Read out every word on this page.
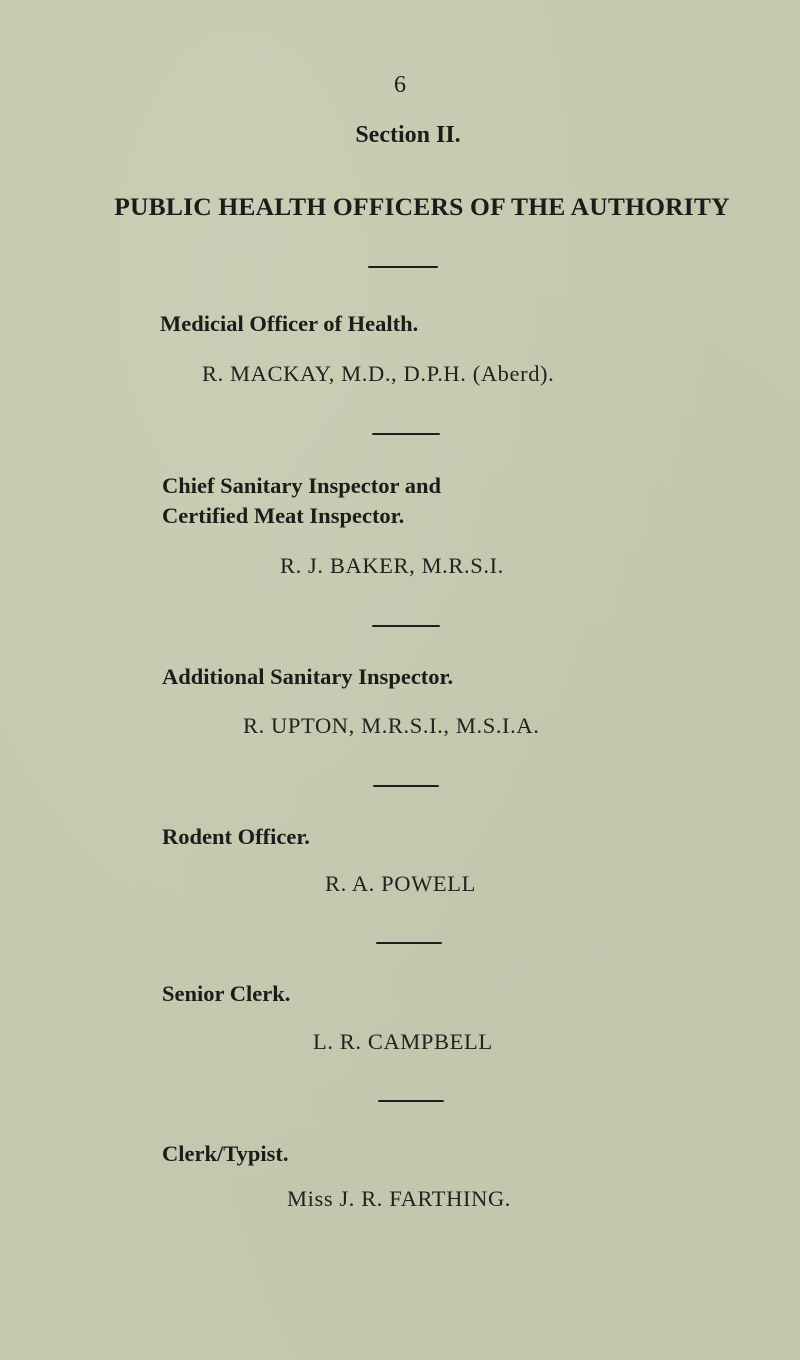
6
Section II.
PUBLIC HEALTH OFFICERS OF THE AUTHORITY
Medicial Officer of Health.
R. MACKAY, M.D., D.P.H. (Aberd).
Chief Sanitary Inspector and
Certified Meat Inspector.
R. J. BAKER, M.R.S.I.
Additional Sanitary Inspector.
R. UPTON, M.R.S.I., M.S.I.A.
Rodent Officer.
R. A. POWELL
Senior Clerk.
L. R. CAMPBELL
Clerk/Typist.
Miss J. R. FARTHING.
